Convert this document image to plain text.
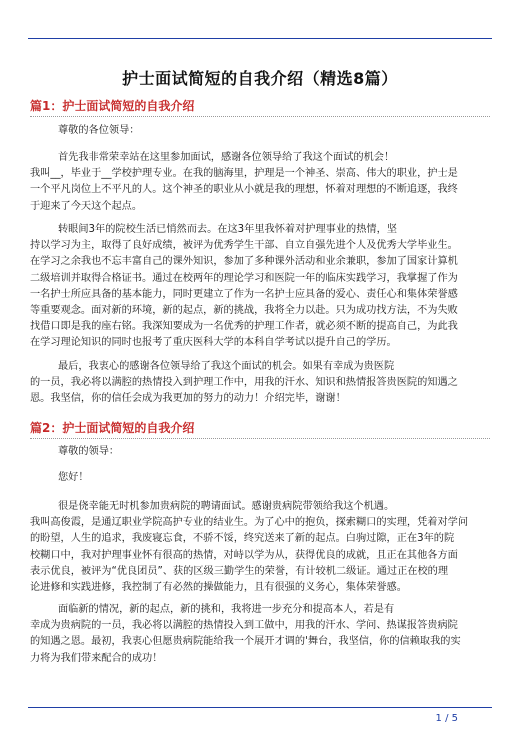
护士面试简短的自我介绍（精选8篇）
篇1：护士面试简短的自我介绍
尊敬的各位领导：
首先我非常荣幸站在这里参加面试，感谢各位领导给了我这个面试的机会！
我叫__，毕业于__学校护理专业。在我的脑海里，护理是一个神圣、崇高、伟大的职业，护士是
一个平凡岗位上不平凡的人。这个神圣的职业从小就是我的理想，怀着对理想的不断追逐，我终
于迎来了今天这个起点。
转眼间3年的院校生活已悄然而去。在这3年里我怀着对护理事业的热情，坚
持以学习为主，取得了良好成绩，被评为优秀学生干部、自立自强先进个人及优秀大学毕业生。
在学习之余我也不忘丰富自己的课外知识，参加了多种课外活动和业余兼职，参加了国家计算机
二级培训并取得合格证书。通过在校两年的理论学习和医院一年的临床实践学习，我掌握了作为
一名护士所应具备的基本能力，同时更建立了作为一名护士应具备的爱心、责任心和集体荣誉感
等重要观念。面对新的环境，新的起点，新的挑战，我将全力以赴。只为成功找方法，不为失败
找借口即是我的座右铭。我深知要成为一名优秀的护理工作者，就必须不断的提高自己，为此我
在学习理论知识的同时也报考了重庆医科大学的本科自学考试以提升自己的学历。
最后，我衷心的感谢各位领导给了我这个面试的机会。如果有幸成为贵医院
的一员，我必将以满腔的热情投入到护理工作中，用我的汗水、知识和热情报答贵医院的知遇之
恩。我坚信，你的信任会成为我更加的努力的动力！介绍完毕，谢谢！
篇2：护士面试简短的自我介绍
尊敬的领导：
您好！
很是侥幸能无时机参加贵病院的聘请面试。感谢贵病院带领给我这个机遇。
我叫高俊霞，是通辽职业学院高护专业的结业生。为了心中的抱负，探索糊口的实理，凭着对学问
的盼望，人生的追求，我废寝忘食，不骄不馁，终究送来了新的起点。白驹过隙，正在3年的院
校糊口中，我对护理事业怀有很高的热情，对峙以学为从，获得优良的成就，且正在其他各方面
表示优良，被评为“优良团员”、获的区级三勤学生的荣誉，有计较机二级证。通过正在校的理
论进修和实践进修，我控制了有必然的操做能力，且有很强的义务心，集体荣誉感。
面临新的情况，新的起点，新的挑和，我将进一步充分和提高本人，若是有
幸成为贵病院的一员，我必将以满腔的热情投入到工做中，用我的汗水、学问、热谋报答贵病院
的知遇之恩。最初，我衷心但愿贵病院能给我一个展开才调的'舞台，我坚信，你的信赖取我的实
力将为我们带来配合的成功！
1 / 5
